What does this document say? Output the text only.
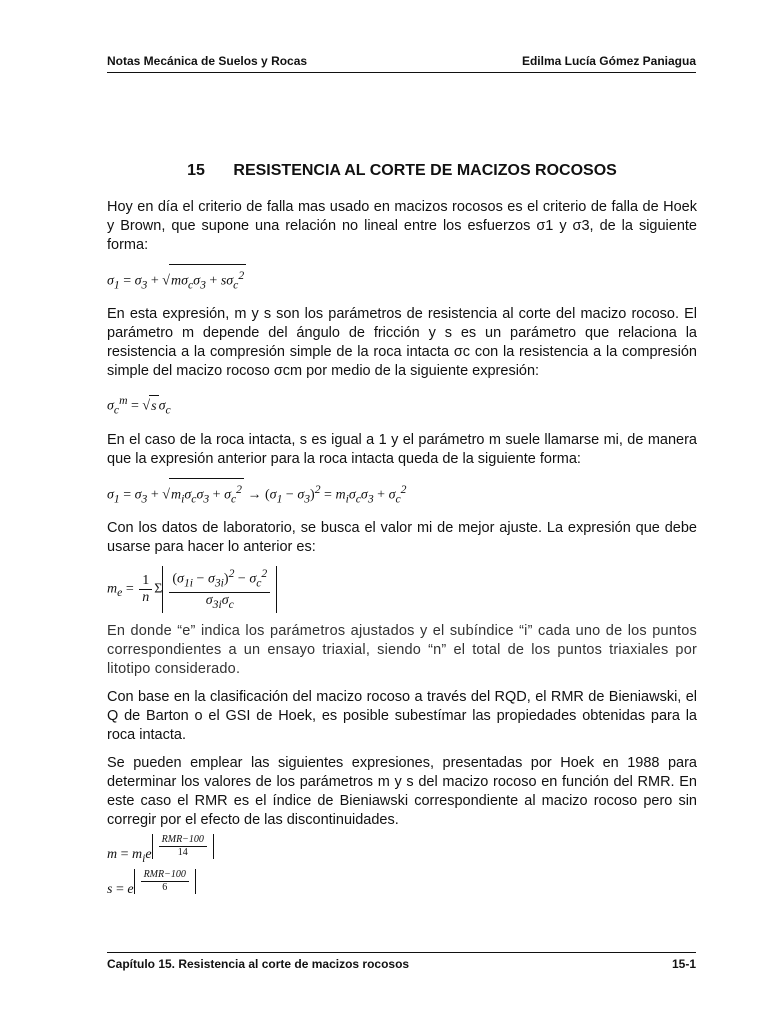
Notas Mecánica de Suelos y Rocas	Edilma Lucía Gómez Paniagua
15 RESISTENCIA AL CORTE DE MACIZOS ROCOSOS

Hoy en día el criterio de falla mas usado en macizos rocosos es el criterio de falla de Hoek y Brown, que supone una relación no lineal entre los esfuerzos σ1 y σ3, de la siguiente forma:

$\sigma_1 = \sigma_3 + √m\sigma_c\sigma_3 + s\sigma_c^2$

En esta expresión, m y s son los parámetros de resistencia al corte del macizo rocoso. El parámetro m depende del ángulo de fricción y s es un parámetro que relaciona la resistencia a la compresión simple de la roca intacta σc con la resistencia a la compresión simple del macizo rocoso σcm por medio de la siguiente expresión:

$\sigma_c^m = √s$ $\sigma_c$

En el caso de la roca intacta, s es igual a 1 y el parámetro m suele llamarse mi, de manera que la expresión anterior para la roca intacta queda de la siguiente forma:

$\sigma_1 = \sigma_3 + √m_i\sigma_c\sigma_3 + \sigma_c^2 \to (\sigma_1 - \sigma_3)^2 = m_i\sigma_c\sigma_3 + \sigma_c^2$

Con los datos de laboratorio, se busca el valor mi de mejor ajuste. La expresión que debe usarse para hacer lo anterior es:

$m_e = \frac{1}{n}$ Σ $\frac{(\sigma_{1i} - \sigma_{3i})^2 - \sigma_c^2}{\sigma_{3i}\sigma_c}$

En donde “e” indica los parámetros ajustados y el subíndice “i” cada uno de los puntos correspondientes a un ensayo triaxial, siendo “n” el total de los puntos triaxiales por litotipo considerado.

Con base en la clasificación del macizo rocoso a través del RQD, el RMR de Bieniawski, el Q de Barton o el GSI de Hoek, es posible subestímar las propiedades obtenidas para la roca intacta.

Se pueden emplear las siguientes expresiones, presentadas por Hoek en 1988 para determinar los valores de los parámetros m y s del macizo rocoso en función del RMR. En este caso el RMR es el índice de Bieniawski correspondiente al macizo rocoso pero sin corregir por el efecto de las discontinuidades.

$m = m_ie \frac{\text{RMR−100}}{14}$
s = e $\frac{\text{RMR−100}}{6}$
Capítulo 15. Resistencia al corte de macizos rocosos	15-1
